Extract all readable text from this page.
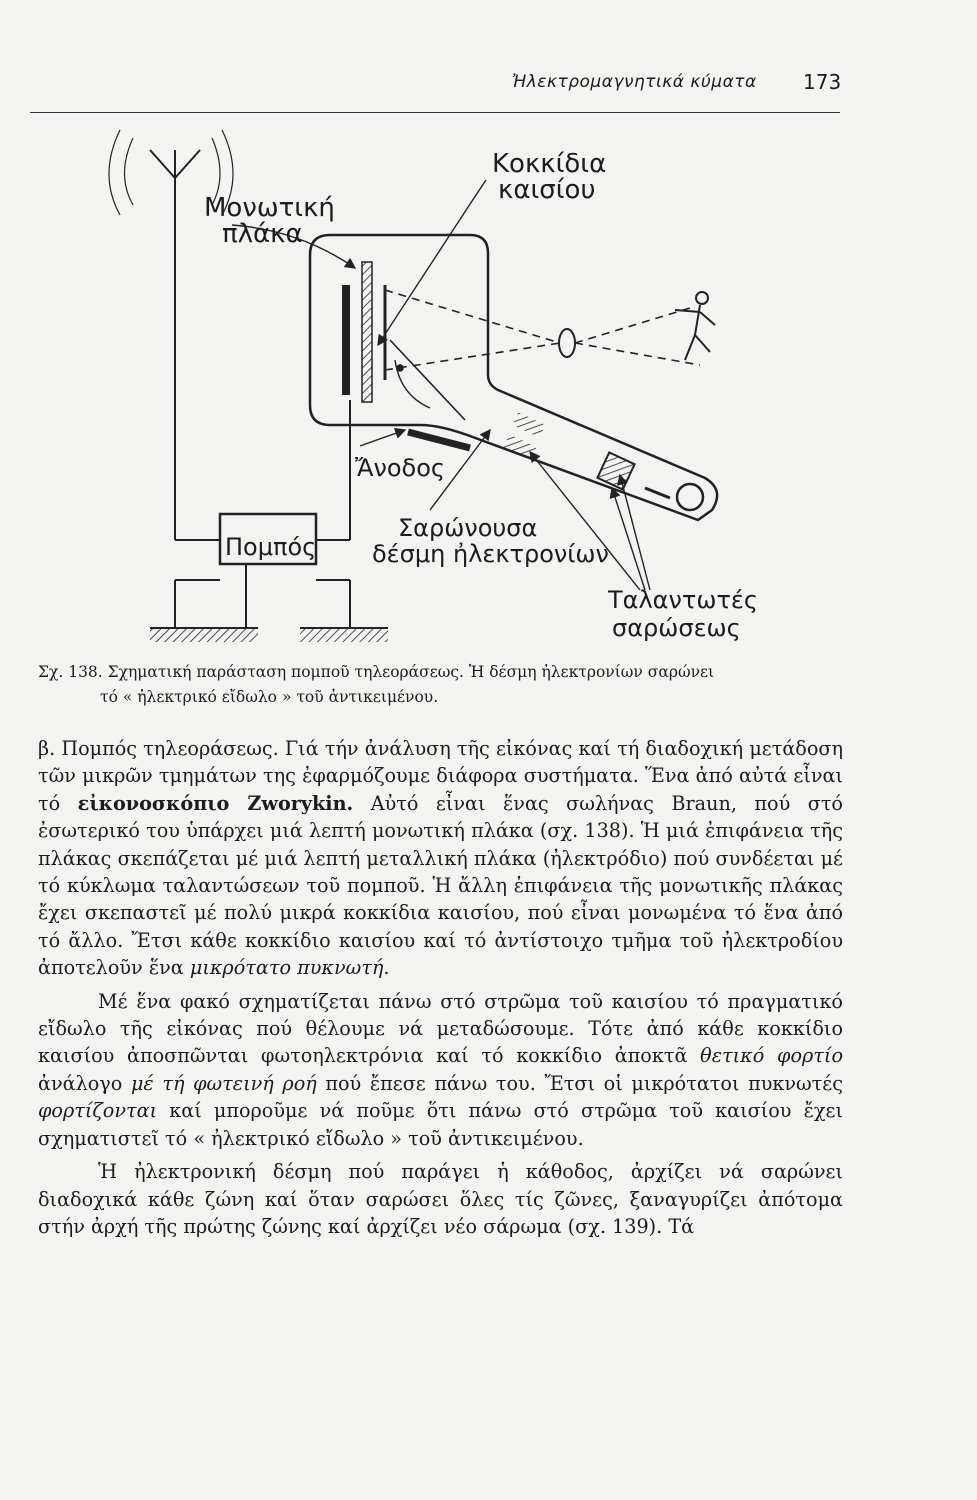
Ἠλεκτρομαγνητικά κύματα 173
Κοκκίδια
καισίου
Μονωτική
πλάκα
Ἄνοδος
Σαρώνουσα
δέσμη ἠλεκτρονίων
Πομπός
Ταλαντωτές
σαρώσεως
Σχ. 138. Σχηματική παράσταση πομποῦ τηλεοράσεως. Ἡ δέσμη ἠλεκτρονίων σαρώνει
τό « ἠλεκτρικό εἴδωλο » τοῦ ἀντικειμένου.

β. Πομπός τηλεοράσεως. Γιά τήν ἀνάλυση τῆς εἰκόνας καί τή διαδοχική μετάδοση τῶν μικρῶν τμημάτων της ἐφαρμόζουμε διάφορα συστήματα. Ἕνα ἀπό αὐτά εἶναι τό εἰκονοσκόπιο Zworykin. Αὐτό εἶναι ἕνας σωλήνας Braun, πού στό ἐσωτερικό του ὑπάρχει μιά λεπτή μονωτική πλάκα (σχ. 138). Ἡ μιά ἐπιφάνεια τῆς πλάκας σκεπάζεται μέ μιά λεπτή μεταλλική πλάκα (ἠλεκτρόδιο) πού συνδέεται μέ τό κύκλωμα ταλαντώσεων τοῦ πομποῦ. Ἡ ἄλλη ἐπιφάνεια τῆς μονωτικῆς πλάκας ἔχει σκεπαστεῖ μέ πολύ μικρά κοκκίδια καισίου, πού εἶναι μονωμένα τό ἕνα ἀπό τό ἄλλο. Ἔτσι κάθε κοκκίδιο καισίου καί τό ἀντίστοιχο τμῆμα τοῦ ἠλεκτροδίου ἀποτελοῦν ἕνα μικρότατο πυκνωτή.

Μέ ἕνα φακό σχηματίζεται πάνω στό στρῶμα τοῦ καισίου τό πραγματικό εἴδωλο τῆς εἰκόνας πού θέλουμε νά μεταδώσουμε. Τότε ἀπό κάθε κοκκίδιο καισίου ἀποσπῶνται φωτοηλεκτρόνια καί τό κοκκίδιο ἀποκτᾶ θετικό φορτίο ἀνάλογο μέ τή φωτεινή ροή πού ἔπεσε πάνω του. Ἔτσι οἱ μικρότατοι πυκνωτές φορτίζονται καί μποροῦμε νά ποῦμε ὅτι πάνω στό στρῶμα τοῦ καισίου ἔχει σχηματιστεῖ τό « ἠλεκτρικό εἴδωλο » τοῦ ἀντικειμένου.

Ἡ ἠλεκτρονική δέσμη πού παράγει ἡ κάθοδος, ἀρχίζει νά σαρώνει διαδοχικά κάθε ζώνη καί ὅταν σαρώσει ὅλες τίς ζῶνες, ξαναγυρίζει ἀπότομα στήν ἀρχή τῆς πρώτης ζώνης καί ἀρχίζει νέο σάρωμα (σχ. 139). Τά
